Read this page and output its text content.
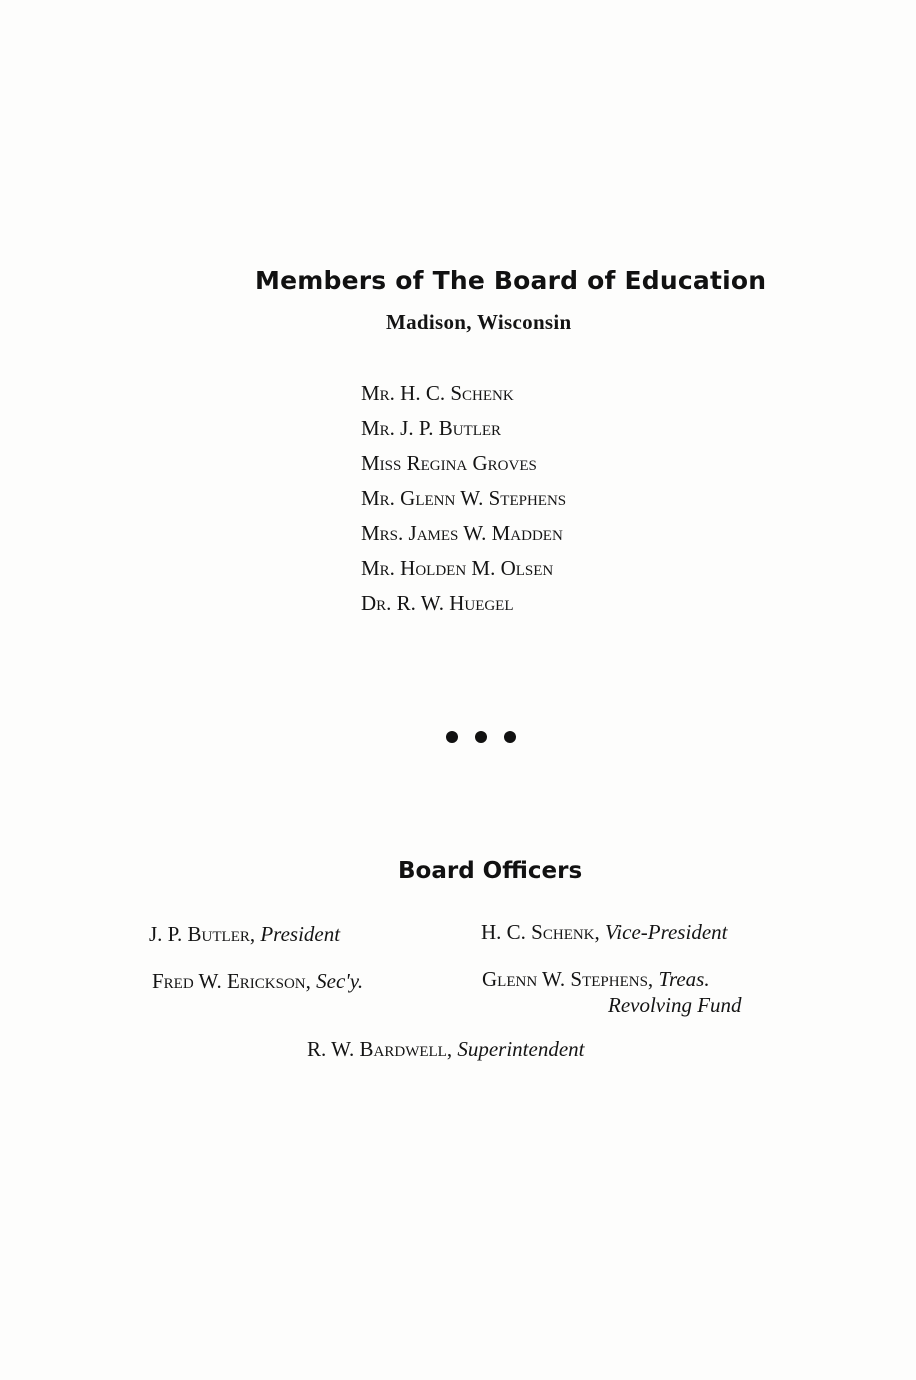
Members of The Board of Education
Madison, Wisconsin
Mr. H. C. Schenk
Mr. J. P. Butler
Miss Regina Groves
Mr. Glenn W. Stephens
Mrs. James W. Madden
Mr. Holden M. Olsen
Dr. R. W. Huegel
Board Officers
J. P. Butler, President	H. C. Schenk, Vice-President
Fred W. Erickson, Sec'y.	Glenn W. Stephens, Treas.
Revolving Fund
R. W. Bardwell, Superintendent
